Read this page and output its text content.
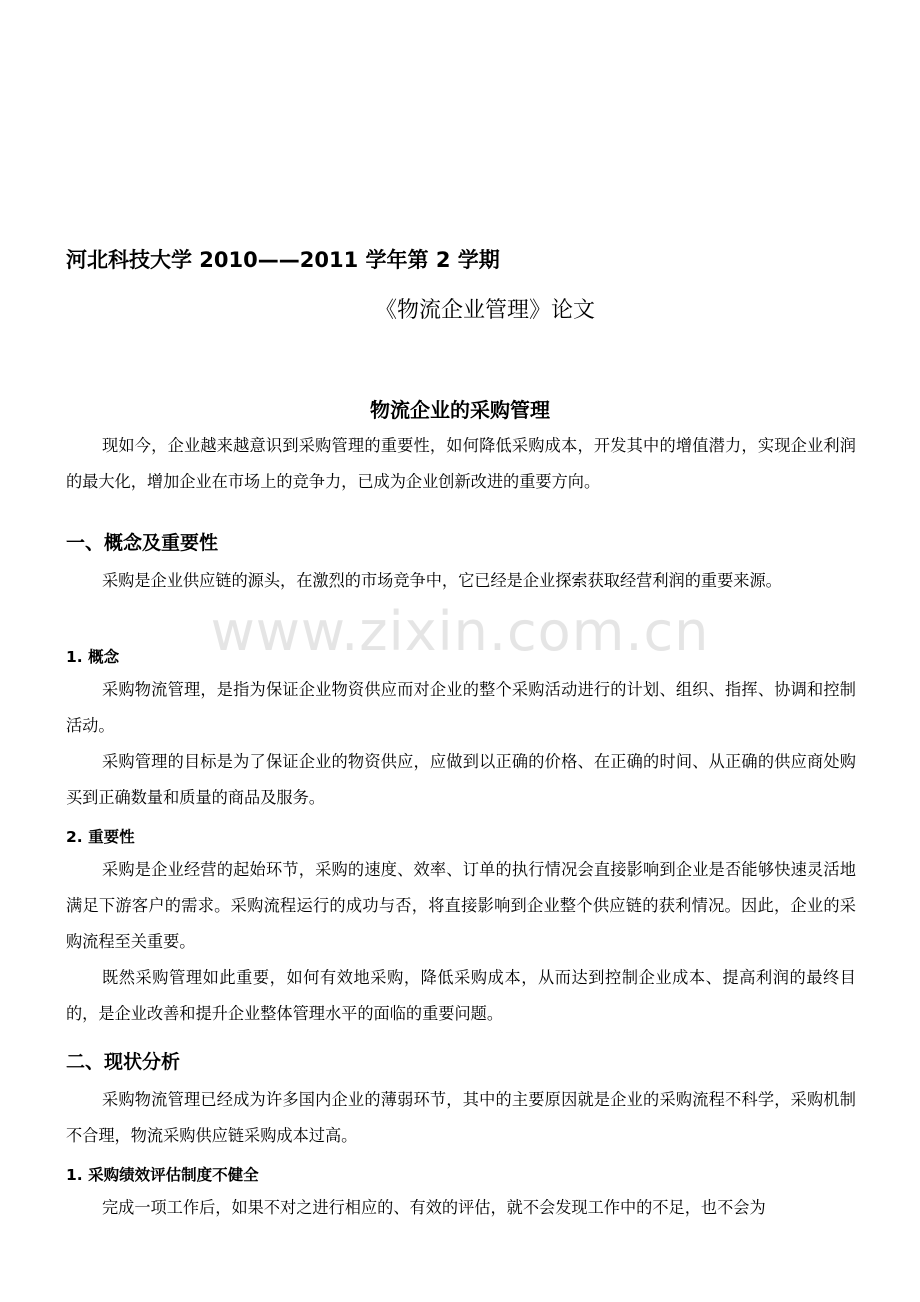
www.zixin.com.cn
河北科技大学 2010——2011 学年第 2 学期
《物流企业管理》论文
物流企业的采购管理

现如今，企业越来越意识到采购管理的重要性，如何降低采购成本，开发其中的增值潜力，实现企业利润的最大化，增加企业在市场上的竞争力，已成为企业创新改进的重要方向。

一、概念及重要性

采购是企业供应链的源头，在激烈的市场竞争中，它已经是企业探索获取经营利润的重要来源。

1. 概念

采购物流管理，是指为保证企业物资供应而对企业的整个采购活动进行的计划、组织、指挥、协调和控制活动。

采购管理的目标是为了保证企业的物资供应，应做到以正确的价格、在正确的时间、从正确的供应商处购买到正确数量和质量的商品及服务。

2. 重要性

采购是企业经营的起始环节，采购的速度、效率、订单的执行情况会直接影响到企业是否能够快速灵活地满足下游客户的需求。采购流程运行的成功与否，将直接影响到企业整个供应链的获利情况。因此，企业的采购流程至关重要。

既然采购管理如此重要，如何有效地采购，降低采购成本，从而达到控制企业成本、提高利润的最终目的，是企业改善和提升企业整体管理水平的面临的重要问题。

二、现状分析

采购物流管理已经成为许多国内企业的薄弱环节，其中的主要原因就是企业的采购流程不科学，采购机制不合理，物流采购供应链采购成本过高。

1. 采购绩效评估制度不健全

完成一项工作后，如果不对之进行相应的、有效的评估，就不会发现工作中的不足，也不会为
